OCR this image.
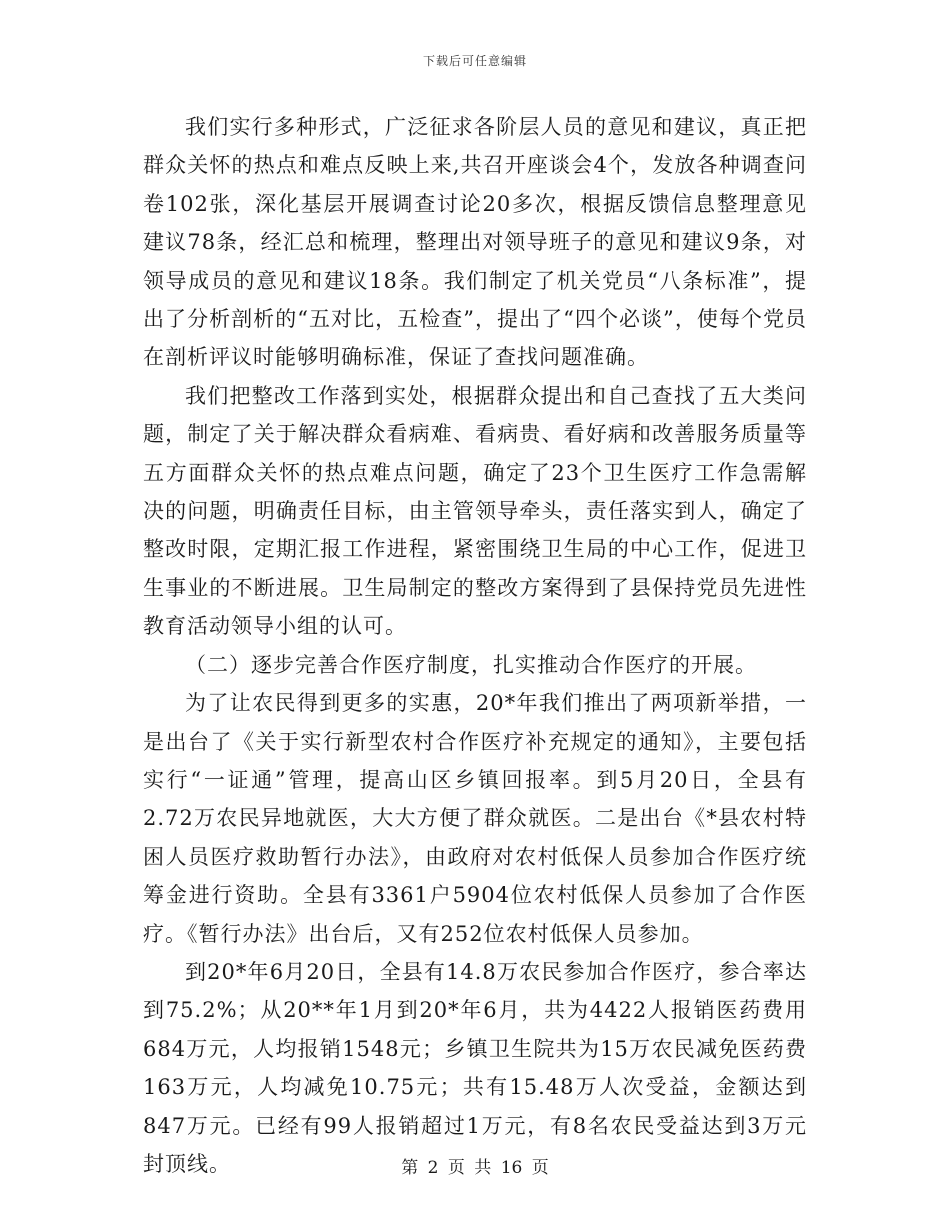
下载后可任意编辑

我们实行多种形式，广泛征求各阶层人员的意见和建议，真正把群众关怀的热点和难点反映上来,共召开座谈会4个，发放各种调查问卷102张，深化基层开展调查讨论20多次，根据反馈信息整理意见建议78条，经汇总和梳理，整理出对领导班子的意见和建议9条，对领导成员的意见和建议18条。我们制定了机关党员“八条标准”，提出了分析剖析的“五对比，五检查”，提出了“四个必谈”，使每个党员在剖析评议时能够明确标准，保证了查找问题准确。

我们把整改工作落到实处，根据群众提出和自己查找了五大类问题，制定了关于解决群众看病难、看病贵、看好病和改善服务质量等五方面群众关怀的热点难点问题，确定了23个卫生医疗工作急需解决的问题，明确责任目标，由主管领导牵头，责任落实到人，确定了整改时限，定期汇报工作进程，紧密围绕卫生局的中心工作，促进卫生事业的不断进展。卫生局制定的整改方案得到了县保持党员先进性教育活动领导小组的认可。

（二）逐步完善合作医疗制度，扎实推动合作医疗的开展。

为了让农民得到更多的实惠，20*年我们推出了两项新举措，一是出台了《关于实行新型农村合作医疗补充规定的通知》，主要包括实行“一证通”管理，提高山区乡镇回报率。到5月20日，全县有2.72万农民异地就医，大大方便了群众就医。二是出台《*县农村特困人员医疗救助暂行办法》，由政府对农村低保人员参加合作医疗统筹金进行资助。全县有3361户5904位农村低保人员参加了合作医疗。《暂行办法》出台后，又有252位农村低保人员参加。

到20*年6月20日，全县有14.8万农民参加合作医疗，参合率达到75.2%；从20**年1月到20*年6月，共为4422人报销医药费用684万元，人均报销1548元；乡镇卫生院共为15万农民减免医药费163万元，人均减免10.75元；共有15.48万人次受益，金额达到847万元。已经有99人报销超过1万元，有8名农民受益达到3万元封顶线。	第 2 页 共 16 页
